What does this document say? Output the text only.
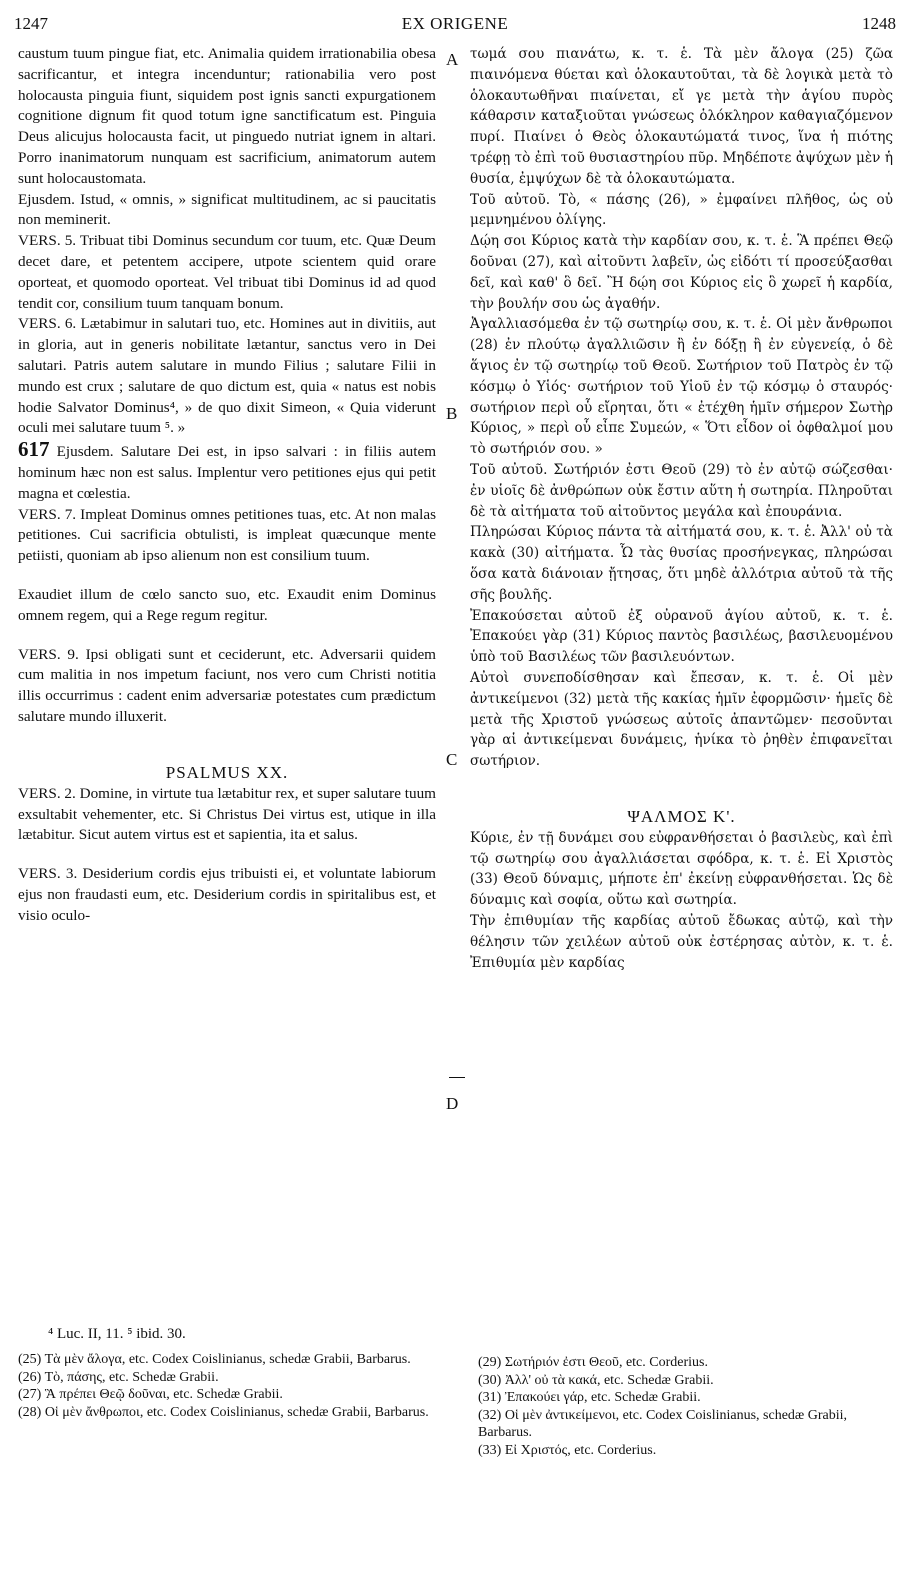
1247	EX ORIGENE	1248
A
B
C
D

caustum tuum pingue fiat, etc. Animalia quidem irrationabilia obesa sacrificantur, et integra incenduntur; rationabilia vero post holocausta pinguia fiunt, siquidem post ignis sancti expurgationem cognitione dignum fit quod totum igne sanctificatum est. Pinguia Deus alicujus holocausta facit, ut pinguedo nutriat ignem in altari. Porro inanimatorum nunquam est sacrificium, animatorum autem sunt holocaustomata.

Ejusdem. Istud, « omnis, » significat multitudinem, ac si paucitatis non meminerit.

VERS. 5. Tribuat tibi Dominus secundum cor tuum, etc. Quæ Deum decet dare, et petentem accipere, utpote scientem quid orare oporteat, et quomodo oporteat. Vel tribuat tibi Dominus id ad quod tendit cor, consilium tuum tanquam bonum.

VERS. 6. Lætabimur in salutari tuo, etc. Homines aut in divitiis, aut in gloria, aut in generis nobilitate lætantur, sanctus vero in Dei salutari. Patris autem salutare in mundo Filius ; salutare Filii in mundo est crux ; salutare de quo dictum est, quia « natus est nobis hodie Salvator Dominus⁴, » de quo dixit Simeon, « Quia viderunt oculi mei salutare tuum ⁵. »

617 Ejusdem. Salutare Dei est, in ipso salvari : in filiis autem hominum hæc non est salus. Implentur vero petitiones ejus qui petit magna et cœlestia.

VERS. 7. Impleat Dominus omnes petitiones tuas, etc. At non malas petitiones. Cui sacrificia obtulisti, is impleat quæcunque mente petiisti, quoniam ab ipso alienum non est consilium tuum.

Exaudiet illum de cœlo sancto suo, etc. Exaudit enim Dominus omnem regem, qui a Rege regum regitur.

VERS. 9. Ipsi obligati sunt et ceciderunt, etc. Adversarii quidem cum malitia in nos impetum faciunt, nos vero cum Christi notitia illis occurrimus : cadent enim adversariæ potestates cum prædictum salutare mundo illuxerit.

PSALMUS XX.

VERS. 2. Domine, in virtute tua lætabitur rex, et super salutare tuum exsultabit vehementer, etc. Si Christus Dei virtus est, utique in illa lætabitur. Sicut autem virtus est et sapientia, ita et salus.

VERS. 3. Desiderium cordis ejus tribuisti ei, et voluntate labiorum ejus non fraudasti eum, etc. Desiderium cordis in spiritalibus est, et visio oculo-

τωμά σου πιανάτω, κ. τ. ἑ. Τὰ μὲν ἄλογα (25) ζῶα πιαινόμενα θύεται καὶ ὁλοκαυτοῦται, τὰ δὲ λογικὰ μετὰ τὸ ὁλοκαυτωθῆναι πιαίνεται, εἴ γε μετὰ τὴν ἁγίου πυρὸς κάθαρσιν καταξιοῦται γνώσεως ὁλόκληρον καθαγιαζόμενον πυρί. Πιαίνει ὁ Θεὸς ὁλοκαυτώματά τινος, ἵνα ἡ πιότης τρέφῃ τὸ ἐπὶ τοῦ θυσιαστηρίου πῦρ. Μηδέποτε ἀψύχων μὲν ἡ θυσία, ἐμψύχων δὲ τὰ ὁλοκαυτώματα.

Τοῦ αὐτοῦ. Τὸ, « πάσης (26), » ἐμφαίνει πλῆθος, ὡς οὐ μεμνημένου ὀλίγης.

Δῴη σοι Κύριος κατὰ τὴν καρδίαν σου, κ. τ. ἑ. Ἃ πρέπει Θεῷ δοῦναι (27), καὶ αἰτοῦντι λαβεῖν, ὡς εἰδότι τί προσεύξασθαι δεῖ, καὶ καθ' ὃ δεῖ. Ἢ δῴη σοι Κύριος εἰς ὃ χωρεῖ ἡ καρδία, τὴν βουλήν σου ὡς ἀγαθήν.

Ἀγαλλιασόμεθα ἐν τῷ σωτηρίῳ σου, κ. τ. ἑ. Οἱ μὲν ἄνθρωποι (28) ἐν πλούτῳ ἀγαλλιῶσιν ἢ ἐν δόξῃ ἢ ἐν εὐγενείᾳ, ὁ δὲ ἅγιος ἐν τῷ σωτηρίῳ τοῦ Θεοῦ. Σωτήριον τοῦ Πατρὸς ἐν τῷ κόσμῳ ὁ Υἱός· σωτήριον τοῦ Υἱοῦ ἐν τῷ κόσμῳ ὁ σταυρός· σωτήριον περὶ οὗ εἴρηται, ὅτι « ἐτέχθη ἡμῖν σήμερον Σωτὴρ Κύριος, » περὶ οὗ εἶπε Συμεών, « Ὅτι εἶδον οἱ ὀφθαλμοί μου τὸ σωτήριόν σου. »

Τοῦ αὐτοῦ. Σωτήριόν ἐστι Θεοῦ (29) τὸ ἐν αὐτῷ σώζεσθαι· ἐν υἱοῖς δὲ ἀνθρώπων οὐκ ἔστιν αὕτη ἡ σωτηρία. Πληροῦται δὲ τὰ αἰτήματα τοῦ αἰτοῦντος μεγάλα καὶ ἐπουράνια.

Πληρώσαι Κύριος πάντα τὰ αἰτήματά σου, κ. τ. ἑ. Ἀλλ' οὐ τὰ κακὰ (30) αἰτήματα. Ὧ τὰς θυσίας προσήνεγκας, πληρώσαι ὅσα κατὰ διάνοιαν ᾔτησας, ὅτι μηδὲ ἀλλότρια αὐτοῦ τὰ τῆς σῆς βουλῆς.

Ἐπακούσεται αὐτοῦ ἐξ οὐρανοῦ ἁγίου αὐτοῦ, κ. τ. ἑ. Ἐπακούει γὰρ (31) Κύριος παντὸς βασιλέως, βασιλευομένου ὑπὸ τοῦ Βασιλέως τῶν βασιλευόντων.

Αὐτοὶ συνεποδίσθησαν καὶ ἔπεσαν, κ. τ. ἑ. Οἱ μὲν ἀντικείμενοι (32) μετὰ τῆς κακίας ἡμῖν ἐφορμῶσιν· ἡμεῖς δὲ μετὰ τῆς Χριστοῦ γνώσεως αὐτοῖς ἀπαντῶμεν· πεσοῦνται γὰρ αἱ ἀντικείμεναι δυνάμεις, ἡνίκα τὸ ῥηθὲν ἐπιφανεῖται σωτήριον.

ΨΑΛΜΟΣ Κ'.

Κύριε, ἐν τῇ δυνάμει σου εὐφρανθήσεται ὁ βασιλεὺς, καὶ ἐπὶ τῷ σωτηρίῳ σου ἀγαλλιάσεται σφόδρα, κ. τ. ἑ. Εἰ Χριστὸς (33) Θεοῦ δύναμις, μήποτε ἐπ' ἐκείνῃ εὐφρανθήσεται. Ὡς δὲ δύναμις καὶ σοφία, οὕτω καὶ σωτηρία.

Τὴν ἐπιθυμίαν τῆς καρδίας αὐτοῦ ἔδωκας αὐτῷ, καὶ τὴν θέλησιν τῶν χειλέων αὐτοῦ οὐκ ἐστέρησας αὐτὸν, κ. τ. ἑ. Ἐπιθυμία μὲν καρδίας

⁴ Luc. II, 11. ⁵ ibid. 30.

(25) Τὰ μὲν ἄλογα, etc. Codex Coislinianus, schedæ Grabii, Barbarus.

(26) Τὸ, πάσης, etc. Schedæ Grabii.

(27) Ἃ πρέπει Θεῷ δοῦναι, etc. Schedæ Grabii.

(28) Οἱ μὲν ἄνθρωποι, etc. Codex Coislinianus, schedæ Grabii, Barbarus.

(29) Σωτήριόν ἐστι Θεοῦ, etc. Corderius.

(30) Ἀλλ' οὐ τὰ κακά, etc. Schedæ Grabii.

(31) Ἐπακούει γάρ, etc. Schedæ Grabii.

(32) Οἱ μὲν ἀντικείμενοι, etc. Codex Coislinianus, schedæ Grabii, Barbarus.

(33) Εἰ Χριστός, etc. Corderius.
